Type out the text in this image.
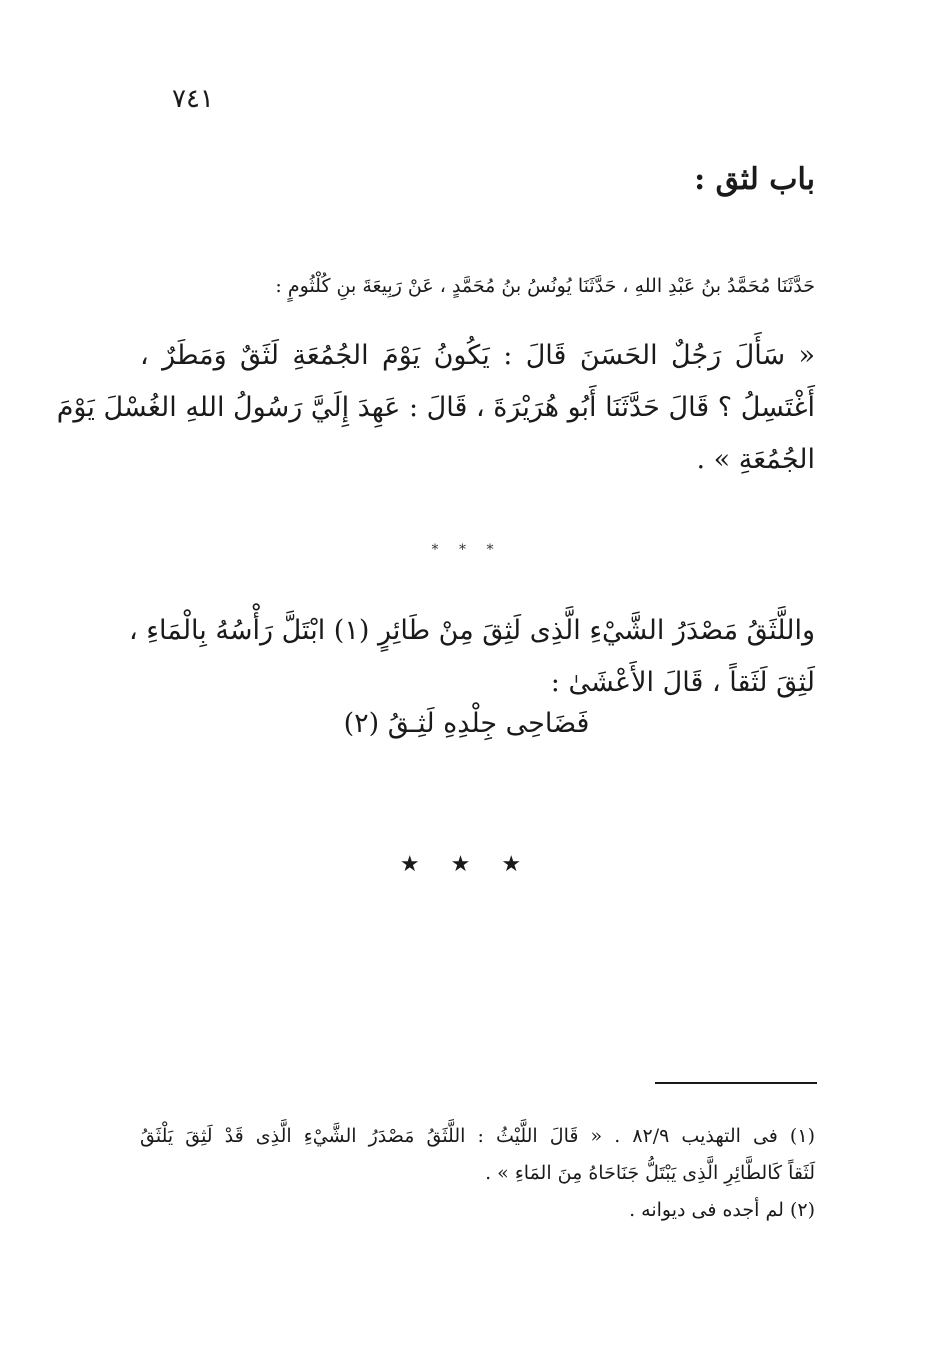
٧٤١
باب لثق :
حَدَّثَنَا مُحَمَّدُ بنُ عَبْدِ اللهِ ، حَدَّثَنَا يُونُسُ بنُ مُحَمَّدٍ ، عَنْ رَبِيعَةَ بنِ كُلْثُومٍ :
« سَأَلَ رَجُلٌ الحَسَنَ قَالَ : يَكُونُ يَوْمَ الجُمُعَةِ لَثَقٌ وَمَطَرٌ ،
أَغْتَسِلُ ؟ قَالَ حَدَّثَنَا أَبُو هُرَيْرَةَ ، قَالَ : عَهِدَ إِلَيَّ رَسُولُ اللهِ الغُسْلَ يَوْمَ
الجُمُعَةِ » .
* * *
واللَّثَقُ مَصْدَرُ الشَّيْءِ الَّذِى لَثِقَ مِنْ طَائِرٍ (١) ابْتَلَّ رَأْسُهُ بِالْمَاءِ ،
لَثِقَ لَثَقاً ، قَالَ الأَعْشَىٰ :
فَضَاحِى جِلْدِهِ لَثِـقُ (٢)
★ ★ ★
(١) فى التهذيب ٨٢/٩ . « قَالَ اللَّيْثُ : اللَّثَقُ مَصْدَرُ الشَّيْءِ الَّذِى قَدْ لَثِقَ يَلْثَقُ
لَثَقاً كَالطَّائِرِ الَّذِى يَبْتَلُّ جَنَاحَاهُ مِنَ المَاءِ » .
(٢) لم أجده فى ديوانه .
